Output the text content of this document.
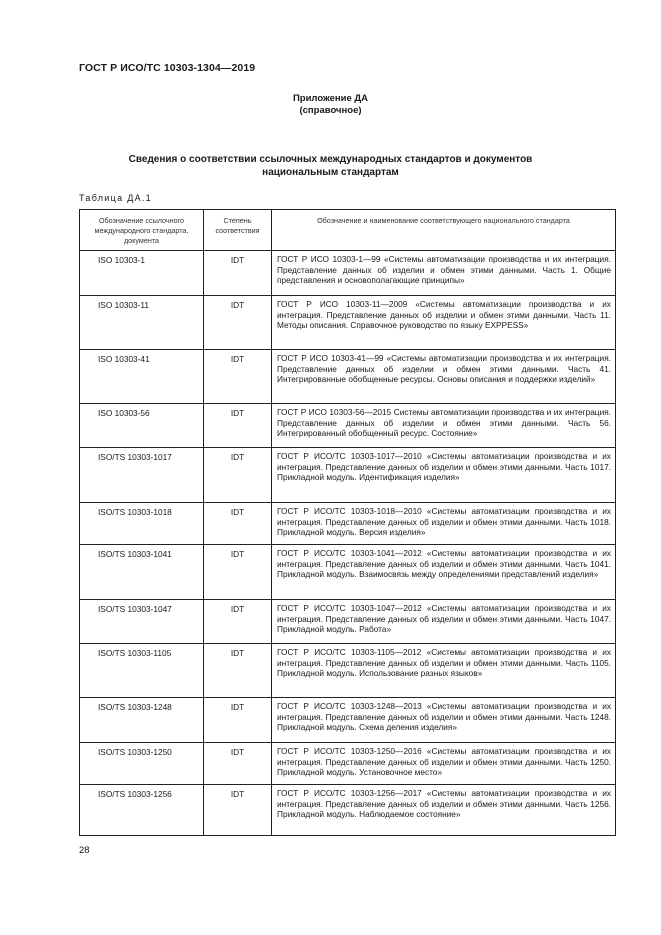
ГОСТ Р ИСО/ТС 10303-1304—2019
Приложение ДА
(справочное)
Сведения о соответствии ссылочных международных стандартов и документов
национальным стандартам
Таблица ДА.1
Обозначение ссылочного международного стандарта, документа	Степень соответствия	Обозначение и наименование соответствующего национального стандарта
ISO 10303-1	IDT	ГОСТ Р ИСО 10303-1—99 «Системы автоматизации производства и их интеграция. Представление данных об изделии и обмен этими данными. Часть 1. Общие представления и основополагающие принципы»
ISO 10303-11	IDT	ГОСТ Р ИСО 10303-11—2009 «Системы автоматизации производства и их интеграция. Представление данных об изделии и обмен этими данными. Часть 11. Методы описания. Справочное руководство по языку EXPPESS»
ISO 10303-41	IDT	ГОСТ Р ИСО 10303-41—99 «Системы автоматизации производства и их интеграция. Представление данных об изделии и обмен этими данными. Часть 41. Интегрированные обобщенные ресурсы. Основы описания и поддержки изделий»
ISO 10303-56	IDT	ГОСТ Р ИСО 10303-56—2015 Системы автоматизации производства и их интеграция. Представление данных об изделии и обмен этими данными. Часть 56. Интегрированный обобщенный ресурс. Состояние»
ISO/TS 10303-1017	IDT	ГОСТ Р ИСО/ТС 10303-1017—2010 «Системы автоматизации производства и их интеграция. Представление данных об изделии и обмен этими данными. Часть 1017. Прикладной модуль. Идентификация изделия»
ISO/TS 10303-1018	IDT	ГОСТ Р ИСО/ТС 10303-1018—2010 «Системы автоматизации производства и их интеграция. Представление данных об изделии и обмен этими данными. Часть 1018. Прикладной модуль. Версия изделия»
ISO/TS 10303-1041	IDT	ГОСТ Р ИСО/ТС 10303-1041—2012 «Системы автоматизации производства и их интеграция. Представление данных об изделии и обмен этими данными. Часть 1041. Прикладной модуль. Взаимосвязь между определениями представлений изделия»
ISO/TS 10303-1047	IDT	ГОСТ Р ИСО/ТС 10303-1047—2012 «Системы автоматизации производства и их интеграция. Представление данных об изделии и обмен этими данными. Часть 1047. Прикладной модуль. Работа»
ISO/TS 10303-1105	IDT	ГОСТ Р ИСО/ТС 10303-1105—2012 «Системы автоматизации производства и их интеграция. Представление данных об изделии и обмен этими данными. Часть 1105. Прикладной модуль. Использование разных языков»
ISO/TS 10303-1248	IDT	ГОСТ Р ИСО/ТС 10303-1248—2013 «Системы автоматизации производства и их интеграция. Представление данных об изделии и обмен этими данными. Часть 1248. Прикладной модуль. Схема деления изделия»
ISO/TS 10303-1250	IDT	ГОСТ Р ИСО/ТС 10303-1250—2016 «Системы автоматизации производства и их интеграция. Представление данных об изделии и обмен этими данными. Часть 1250. Прикладной модуль. Установочное место»
ISO/TS 10303-1256	IDT	ГОСТ Р ИСО/ТС 10303-1256—2017 «Системы автоматизации производства и их интеграция. Представление данных об изделии и обмен этими данными. Часть 1256. Прикладной модуль. Наблюдаемое состояние»
28
